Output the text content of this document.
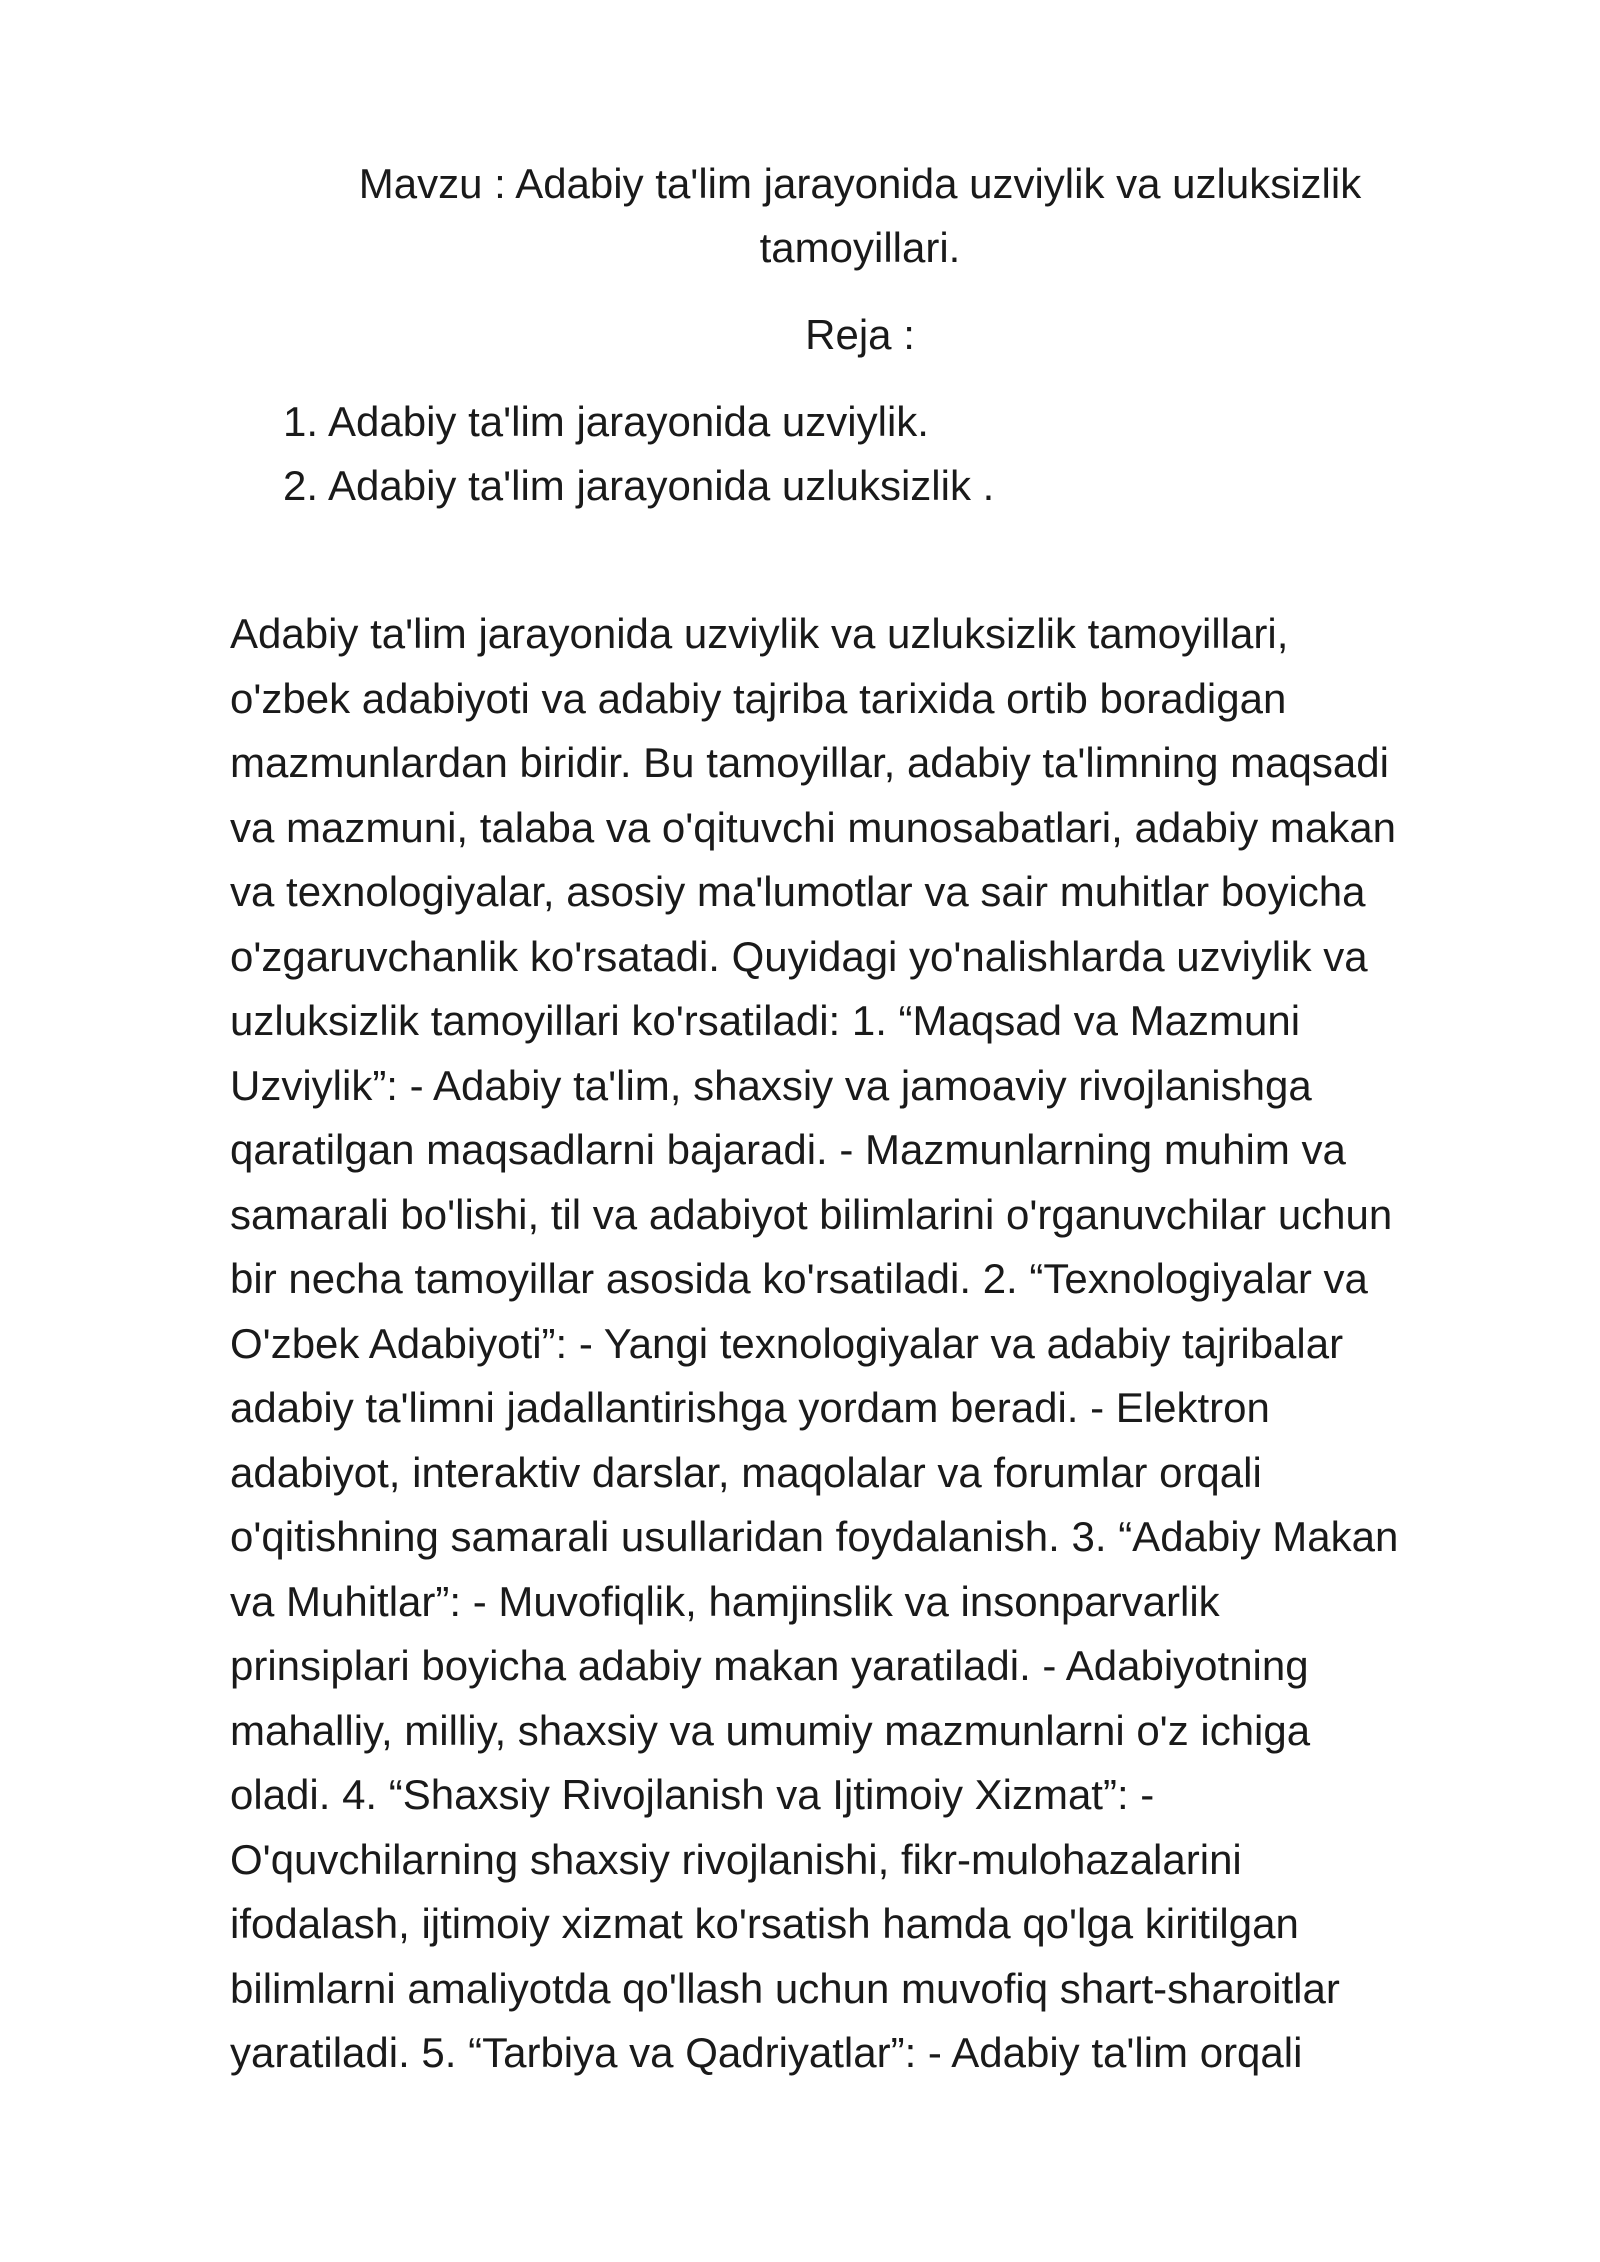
Mavzu : Adabiy ta'lim jarayonida uzviylik va uzluksizlik tamoyillari.
Reja :
1. Adabiy ta'lim jarayonida uzviylik.
2. Adabiy ta'lim jarayonida uzluksizlik .
Adabiy ta'lim jarayonida uzviylik va uzluksizlik tamoyillari,
o'zbek adabiyoti va adabiy tajriba tarixida ortib boradigan
mazmunlardan biridir. Bu tamoyillar, adabiy ta'limning maqsadi
va mazmuni, talaba va o'qituvchi munosabatlari, adabiy makan
va texnologiyalar, asosiy ma'lumotlar va sair muhitlar boyicha
o'zgaruvchanlik ko'rsatadi. Quyidagi yo'nalishlarda uzviylik va
uzluksizlik tamoyillari ko'rsatiladi: 1. “Maqsad va Mazmuni
Uzviylik”: - Adabiy ta'lim, shaxsiy va jamoaviy rivojlanishga
qaratilgan maqsadlarni bajaradi. - Mazmunlarning muhim va
samarali bo'lishi, til va adabiyot bilimlarini o'rganuvchilar uchun
bir necha tamoyillar asosida ko'rsatiladi. 2. “Texnologiyalar va
O'zbek Adabiyoti”: - Yangi texnologiyalar va adabiy tajribalar
adabiy ta'limni jadallantirishga yordam beradi. - Elektron
adabiyot, interaktiv darslar, maqolalar va forumlar orqali
o'qitishning samarali usullaridan foydalanish. 3. “Adabiy Makan
va Muhitlar”: - Muvofiqlik, hamjinslik va insonparvarlik
prinsiplari boyicha adabiy makan yaratiladi. - Adabiyotning
mahalliy, milliy, shaxsiy va umumiy mazmunlarni o'z ichiga
oladi. 4. “Shaxsiy Rivojlanish va Ijtimoiy Xizmat”: -
O'quvchilarning shaxsiy rivojlanishi, fikr-mulohazalarini
ifodalash, ijtimoiy xizmat ko'rsatish hamda qo'lga kiritilgan
bilimlarni amaliyotda qo'llash uchun muvofiq shart-sharoitlar
yaratiladi. 5. “Tarbiya va Qadriyatlar”: - Adabiy ta'lim orqali
